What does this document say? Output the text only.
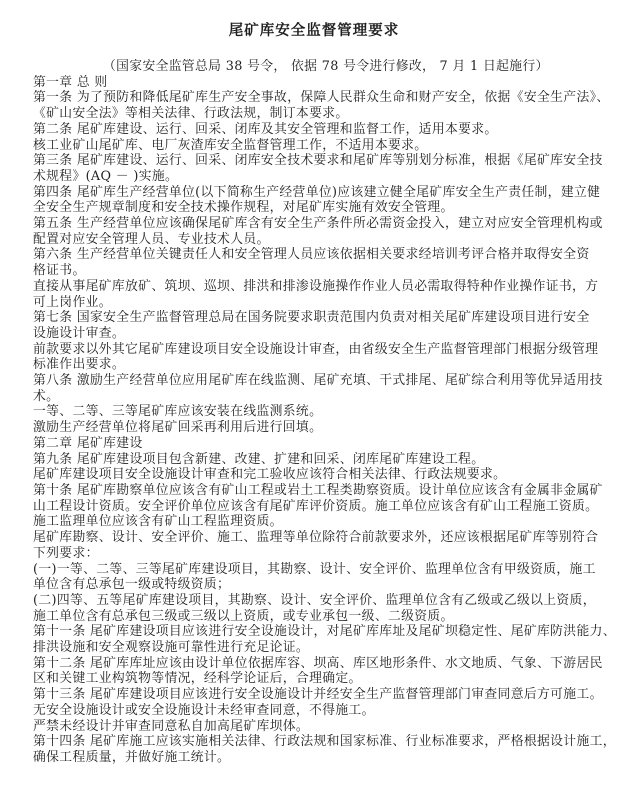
尾矿库安全监督管理要求
（国家安全监管总局 38 号令， 依据 78 号令进行修改， 7 月 1 日起施行）
第一章 总 则
第一条 为了预防和降低尾矿库生产安全事故，保障人民群众生命和财产安全，依据《安全生产法》、
《矿山安全法》等相关法律、行政法规，制订本要求。
第二条 尾矿库建设、运行、回采、闭库及其安全管理和监督工作，适用本要求。
核工业矿山尾矿库、电厂灰渣库安全监督管理工作，不适用本要求。
第三条 尾矿库建设、运行、回采、闭库安全技术要求和尾矿库等别划分标准，根据《尾矿库安全技
术规程》(AQ － )实施。
第四条 尾矿库生产经营单位(以下简称生产经营单位)应该建立健全尾矿库安全生产责任制，建立健
全安全生产规章制度和安全技术操作规程，对尾矿库实施有效安全管理。
第五条 生产经营单位应该确保尾矿库含有安全生产条件所必需资金投入，建立对应安全管理机构或
配置对应安全管理人员、专业技术人员。
第六条 生产经营单位关键责任人和安全管理人员应该依据相关要求经培训考评合格并取得安全资
格证书。
直接从事尾矿库放矿、筑坝、巡坝、排洪和排渗设施操作作业人员必需取得特种作业操作证书，方
可上岗作业。
第七条 国家安全生产监督管理总局在国务院要求职责范围内负责对相关尾矿库建设项目进行安全
设施设计审查。
前款要求以外其它尾矿库建设项目安全设施设计审查，由省级安全生产监督管理部门根据分级管理
标准作出要求。
第八条 激励生产经营单位应用尾矿库在线监测、尾矿充填、干式排尾、尾矿综合利用等优异适用技
术。
一等、二等、三等尾矿库应该安装在线监测系统。
激励生产经营单位将尾矿回采再利用后进行回填。
第二章 尾矿库建设
第九条 尾矿库建设项目包含新建、改建、扩建和回采、闭库尾矿库建设工程。
尾矿库建设项目安全设施设计审查和完工验收应该符合相关法律、行政法规要求。
第十条 尾矿库勘察单位应该含有矿山工程或岩土工程类勘察资质。设计单位应该含有金属非金属矿
山工程设计资质。安全评价单位应该含有尾矿库评价资质。施工单位应该含有矿山工程施工资质。
施工监理单位应该含有矿山工程监理资质。
尾矿库勘察、设计、安全评价、施工、监理等单位除符合前款要求外，还应该根据尾矿库等别符合
下列要求：
(一)一等、二等、三等尾矿库建设项目，其勘察、设计、安全评价、监理单位含有甲级资质，施工
单位含有总承包一级或特级资质；
(二)四等、五等尾矿库建设项目，其勘察、设计、安全评价、监理单位含有乙级或乙级以上资质，
施工单位含有总承包三级或三级以上资质，或专业承包一级、二级资质。
第十一条 尾矿库建设项目应该进行安全设施设计，对尾矿库库址及尾矿坝稳定性、尾矿库防洪能力、
排洪设施和安全观察设施可靠性进行充足论证。
第十二条 尾矿库库址应该由设计单位依据库容、坝高、库区地形条件、水文地质、气象、下游居民
区和关键工业构筑物等情况，经科学论证后，合理确定。
第十三条 尾矿库建设项目应该进行安全设施设计并经安全生产监督管理部门审查同意后方可施工。
无安全设施设计或安全设施设计未经审查同意，不得施工。
严禁未经设计并审查同意私自加高尾矿库坝体。
第十四条 尾矿库施工应该实施相关法律、行政法规和国家标准、行业标准要求，严格根据设计施工，
确保工程质量，并做好施工统计。
